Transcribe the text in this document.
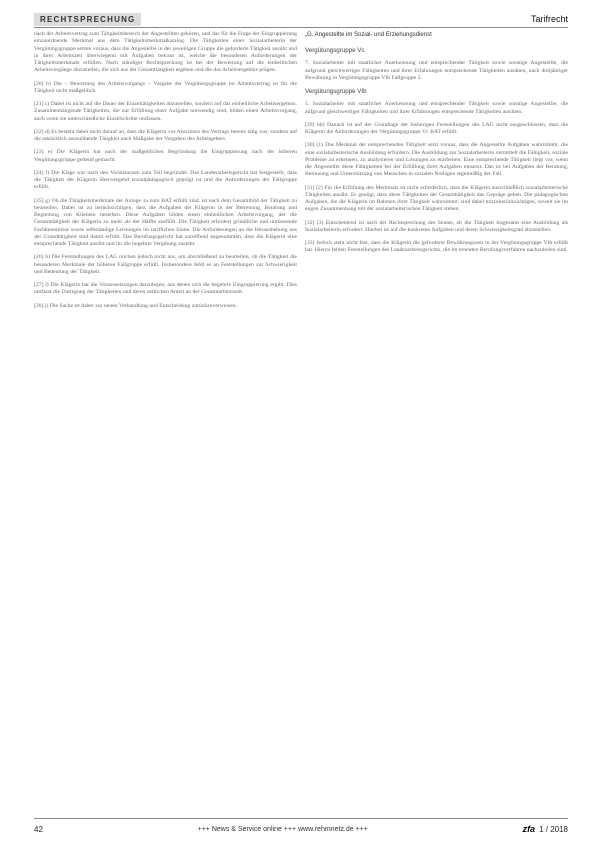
RECHTSPRECHUNG	Tarifrecht

nach der Arbeitsvertrag zum Tätigkeitsbereich der Angestellten gehören, und das für die Frage der Eingruppierung einzuordnende Merkmal aus dem Tätigkeitsmerkmalkatalog. Die Tätigkeiten einer Sozialarbeiterin der Vergütungsgruppe setzen voraus, dass die Angestellte in der jeweiligen Gruppe die geforderte Tätigkeit ausübt und in ihrer Arbeitszeit überwiegend mit Aufgaben betraut ist, welche die besonderen Anforderungen der Tätigkeitsmerkmale erfüllen. Nach ständiger Rechtsprechung ist bei der Bewertung auf die einheitlichen Arbeitsvorgänge abzustellen, die sich aus der Gesamttätigkeit ergeben und die das Arbeitsergebnis prägen.

[20] b) Die – Bewertung des Arbeitsvorgangs – Vorgabe der Vergütungsgruppe im Arbeitsvertrag ist für die Tätigkeit nicht maßgeblich.

[21] c) Dabei ist nicht auf die Dauer der Einzeltätigkeiten abzustellen, sondern auf das einheitliche Arbeitsergebnis. Zusammenhängende Tätigkeiten, die zur Erfüllung einer Aufgabe notwendig sind, bilden einen Arbeitsvorgang, auch wenn sie unterschiedliche Einzelschritte umfassen.

[22] d) Es besteht dabei nicht darauf an, dass die Klägerin vor Abschluss des Vertrags bereits tätig war, sondern auf die tatsächlich auszuübende Tätigkeit nach Maßgabe der Vorgaben des Arbeitgebers.

[23] e) Die Klägerin hat nach der maßgeblichen Begründung die Eingruppierung nach der höheren Vergütungsgruppe geltend gemacht.

[24] f) Die Klage war nach den Vorinstanzen zum Teil begründet. Das Landesarbeitsgericht hat festgestellt, dass die Tätigkeit der Klägerin überwiegend sozialpädagogisch geprägt ist und die Anforderungen der Fallgruppe erfüllt.

[25] g) Ob die Tätigkeitsmerkmale der Anlage 1a zum BAT erfüllt sind, ist nach dem Gesamtbild der Tätigkeit zu beurteilen. Dabei ist zu berücksichtigen, dass die Aufgaben der Klägerin in der Betreuung, Beratung und Begleitung von Klienten bestehen. Diese Aufgaben bilden einen einheitlichen Arbeitsvorgang, der die Gesamttätigkeit der Klägerin zu mehr als der Hälfte ausfüllt. Die Tätigkeit erfordert gründliche und umfassende Fachkenntnisse sowie selbständige Leistungen im tariflichen Sinne. Die Anforderungen an die Heraushebung aus der Grundtätigkeit sind damit erfüllt. Das Berufungsgericht hat zutreffend angenommen, dass die Klägerin eine entsprechende Tätigkeit ausübt und ihr die begehrte Vergütung zusteht.

[26] h) Die Feststellungen des LAG reichen jedoch nicht aus, um abschließend zu beurteilen, ob die Tätigkeit die besonderen Merkmale der höheren Fallgruppe erfüllt. Insbesondere fehlt es an Feststellungen zur Schwierigkeit und Bedeutung der Tätigkeit.

[27] i) Die Klägerin hat die Voraussetzungen darzulegen, aus denen sich die begehrte Eingruppierung ergibt. Dies umfasst die Darlegung der Tätigkeiten und deren zeitlichen Anteil an der Gesamtarbeitszeit.

[28] j) Die Sache ist daher zur neuen Verhandlung und Entscheidung zurückzuverweisen.

„G. Angestellte im Sozial- und Erziehungsdienst
Vergütungsgruppe Vc

7. Sozialarbeiter mit staatlicher Anerkennung und entsprechender Tätigkeit sowie sonstige Angestellte, die aufgrund gleichwertiger Fähigkeiten und ihrer Erfahrungen entsprechende Tätigkeiten ausüben, nach dreijähriger Bewährung in Vergütungsgruppe VIb Fallgruppe 5.

Vergütungsgruppe VIb

5. Sozialarbeiter mit staatlicher Anerkennung und entsprechender Tätigkeit sowie sonstige Angestellte, die aufgrund gleichwertiger Fähigkeiten und ihrer Erfahrungen entsprechende Tätigkeiten ausüben.

[29] bb) Danach ist auf der Grundlage der bisherigen Feststellungen des LAG nicht ausgeschlossen, dass die Klägerin die Anforderungen der Vergütungsgruppe Vc BAT erfüllt.

[30] (1) Das Merkmal der entsprechenden Tätigkeit setzt voraus, dass die Angestellte Aufgaben wahrnimmt, die eine sozialarbeiterische Ausbildung erfordern. Die Ausbildung zur Sozialarbeiterin vermittelt die Fähigkeit, soziale Probleme zu erkennen, zu analysieren und Lösungen zu erarbeiten. Eine entsprechende Tätigkeit liegt vor, wenn die Angestellte diese Fähigkeiten bei der Erfüllung ihrer Aufgaben einsetzt. Das ist bei Aufgaben der Beratung, Betreuung und Unterstützung von Menschen in sozialen Notlagen regelmäßig der Fall.

[31] (2) Für die Erfüllung des Merkmals ist nicht erforderlich, dass die Klägerin ausschließlich sozialarbeiterische Tätigkeiten ausübt. Es genügt, dass diese Tätigkeiten der Gesamttätigkeit das Gepräge geben. Die pädagogischen Aufgaben, die die Klägerin im Rahmen ihrer Tätigkeit wahrnimmt, sind dabei mitzuberücksichtigen, soweit sie im engen Zusammenhang mit der sozialarbeiterischen Tätigkeit stehen.

[32] (3) Entscheidend ist nach der Rechtsprechung des Senats, ob die Tätigkeit insgesamt eine Ausbildung als Sozialarbeiterin erfordert. Hierbei ist auf die konkreten Aufgaben und deren Schwierigkeitsgrad abzustellen.

[33] Jedoch steht nicht fest, dass die Klägerin die geforderte Bewährungszeit in der Vergütungsgruppe VIb erfüllt hat. Hierzu fehlen Feststellungen des Landesarbeitsgerichts, die im erneuten Berufungsverfahren nachzuholen sind.

42	+++ News & Service online +++ www.rehmnetz.de +++	zfa 1 / 2018
